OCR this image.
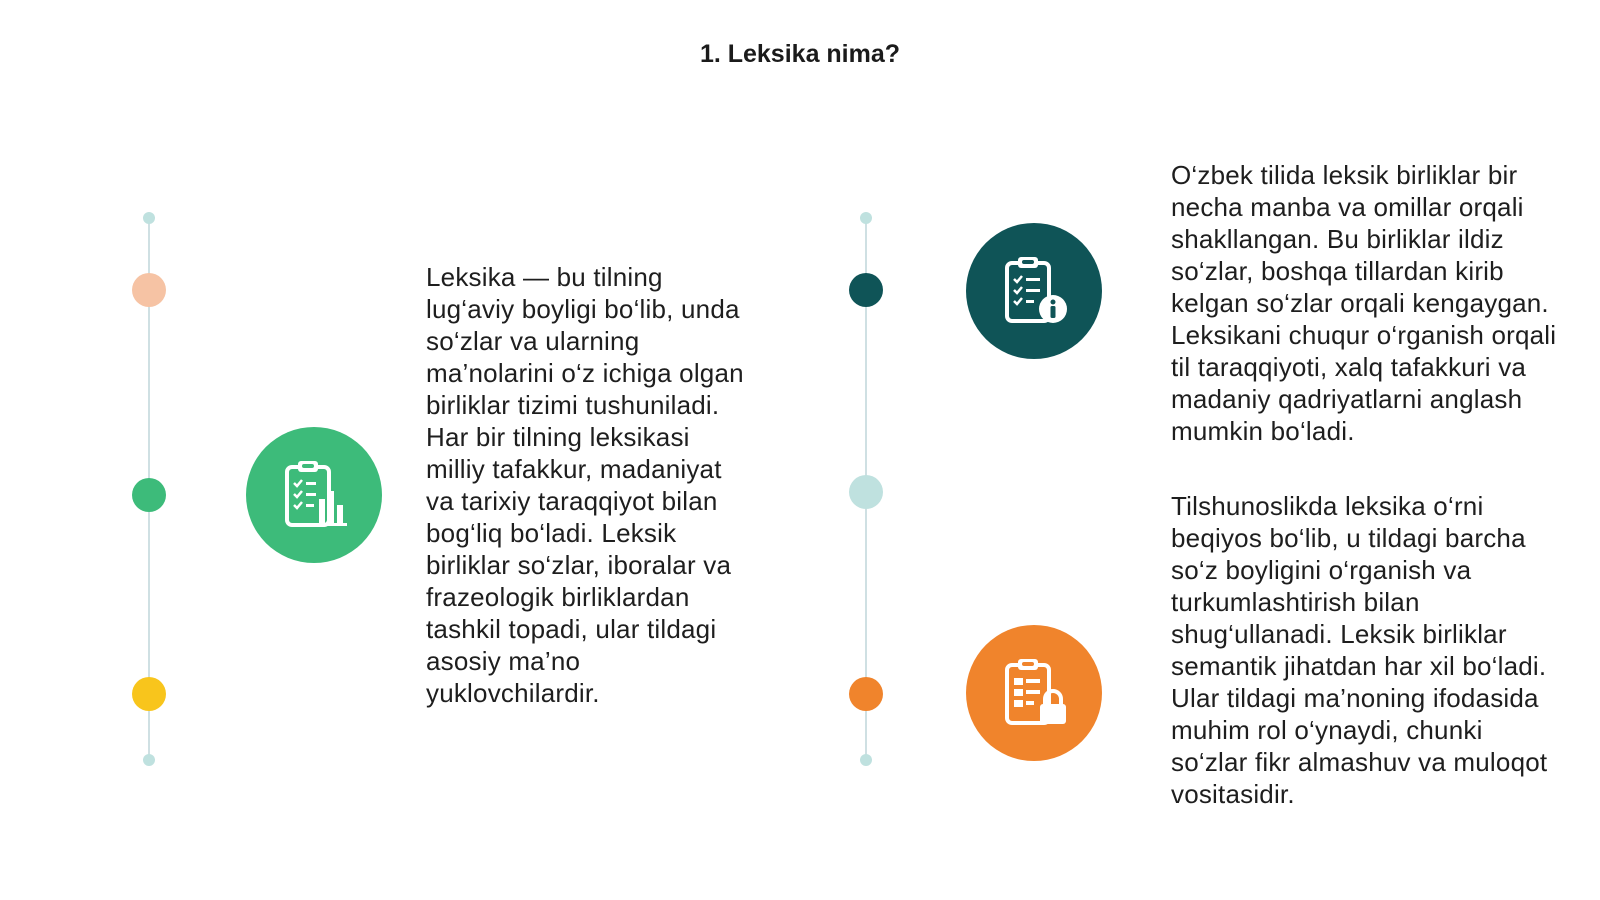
1. Leksika nima?

Leksika — bu tilning lug‘aviy boyligi bo‘lib, unda so‘zlar va ularning ma’nolarini o‘z ichiga olgan birliklar tizimi tushuniladi. Har bir tilning leksikasi milliy tafakkur, madaniyat va tarixiy taraqqiyot bilan bog‘liq bo‘ladi. Leksik birliklar so‘zlar, iboralar va frazeologik birliklardan tashkil topadi, ular tildagi asosiy ma’no yuklovchilardir.

O‘zbek tilida leksik birliklar bir necha manba va omillar orqali shakllangan. Bu birliklar ildiz so‘zlar, boshqa tillardan kirib kelgan so‘zlar orqali kengaygan. Leksikani chuqur o‘rganish orqali til taraqqiyoti, xalq tafakkuri va madaniy qadriyatlarni anglash mumkin bo‘ladi.

Tilshunoslikda leksika o‘rni beqiyos bo‘lib, u tildagi barcha so‘z boyligini o‘rganish va turkumlashtirish bilan shug‘ullanadi. Leksik birliklar semantik jihatdan har xil bo‘ladi. Ular tildagi ma’noning ifodasida muhim rol o‘ynaydi, chunki so‘zlar fikr almashuv va muloqot vositasidir.
